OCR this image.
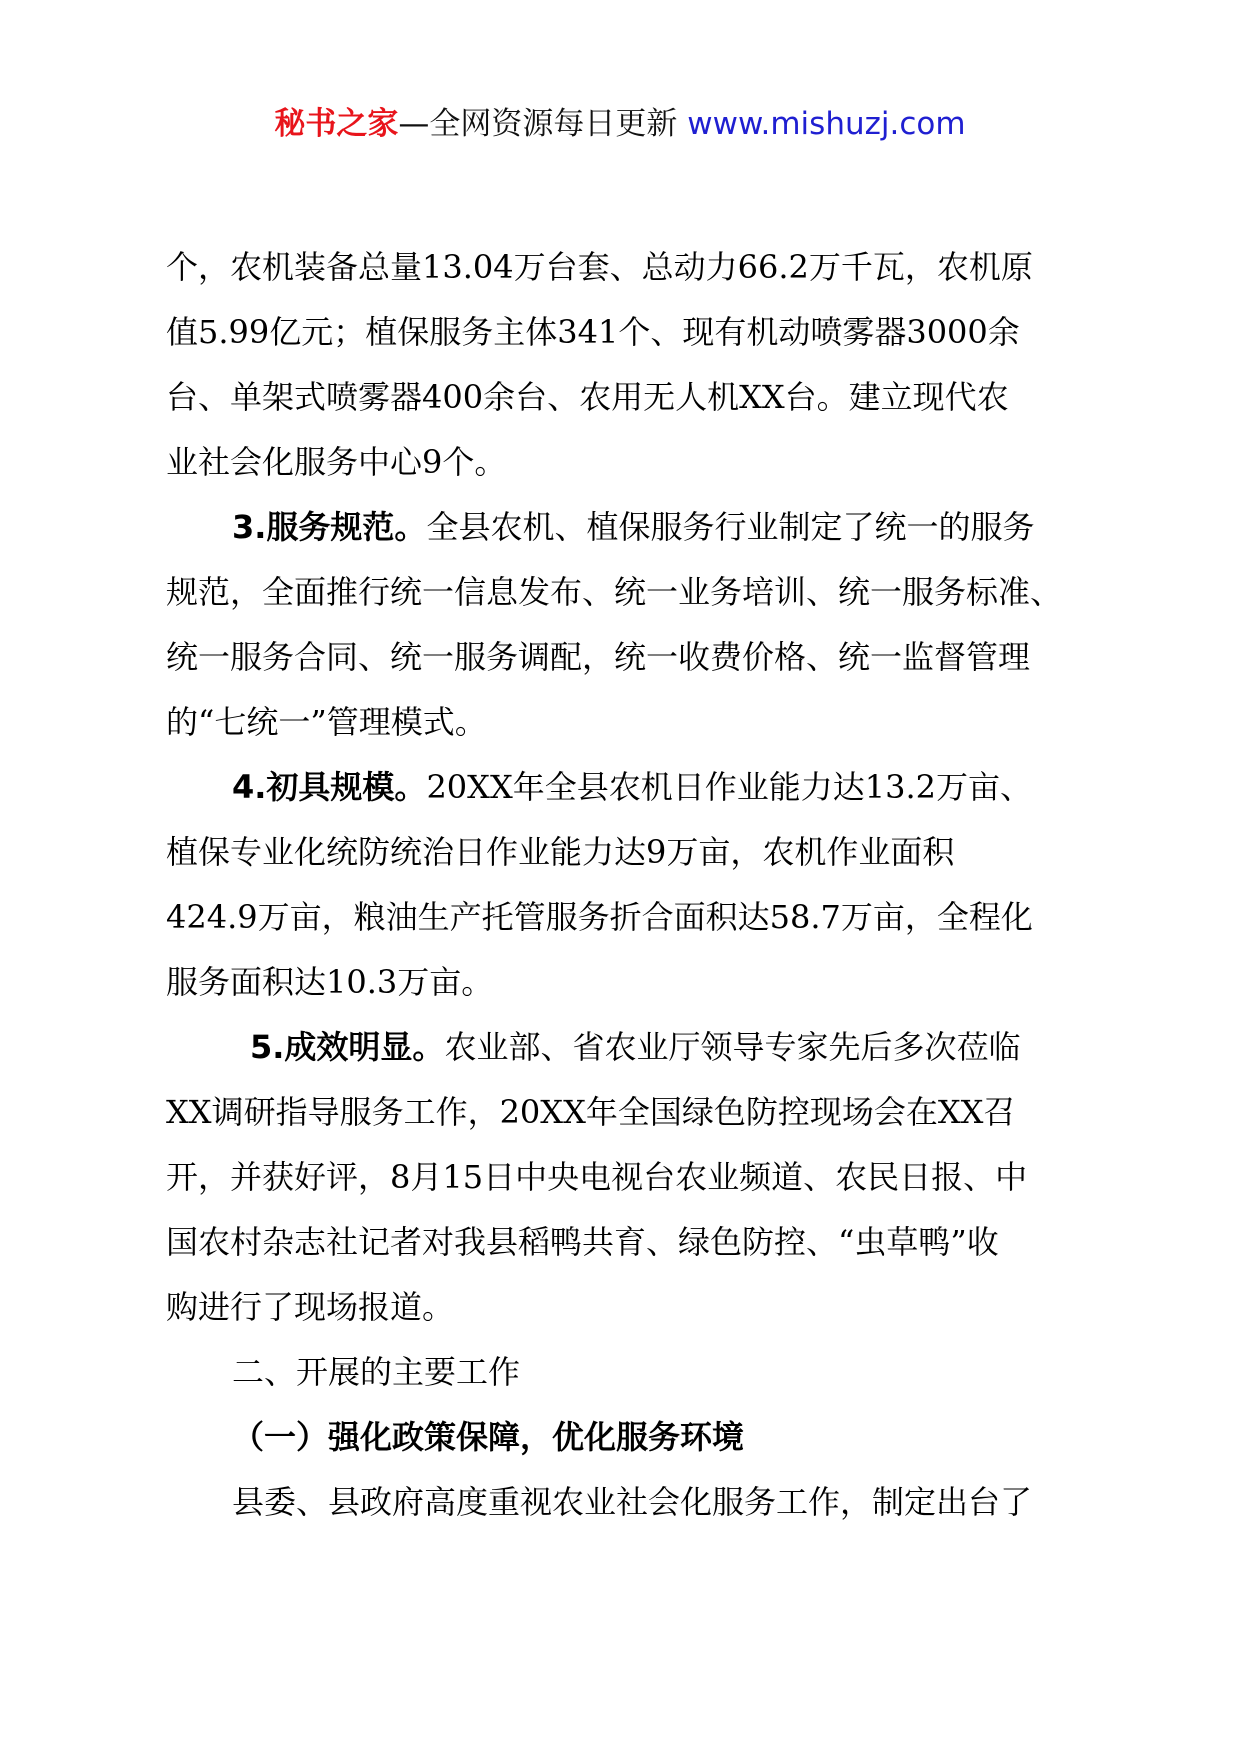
秘书之家—全网资源每日更新 www.mishuzj.com
个，农机装备总量13.04万台套、总动力66.2万千瓦，农机原
值5.99亿元；植保服务主体341个、现有机动喷雾器3000余
台、单架式喷雾器400余台、农用无人机XX台。建立现代农
业社会化服务中心9个。
3.服务规范。全县农机、植保服务行业制定了统一的服务
规范，全面推行统一信息发布、统一业务培训、统一服务标准、
统一服务合同、统一服务调配，统一收费价格、统一监督管理
的“七统一”管理模式。
4.初具规模。20XX年全县农机日作业能力达13.2万亩、
植保专业化统防统治日作业能力达9万亩，农机作业面积
424.9万亩，粮油生产托管服务折合面积达58.7万亩，全程化
服务面积达10.3万亩。
5.成效明显。农业部、省农业厅领导专家先后多次莅临
XX调研指导服务工作，20XX年全国绿色防控现场会在XX召
开，并获好评，8月15日中央电视台农业频道、农民日报、中
国农村杂志社记者对我县稻鸭共育、绿色防控、“虫草鸭”收
购进行了现场报道。
二、开展的主要工作
（一）强化政策保障，优化服务环境
县委、县政府高度重视农业社会化服务工作，制定出台了
